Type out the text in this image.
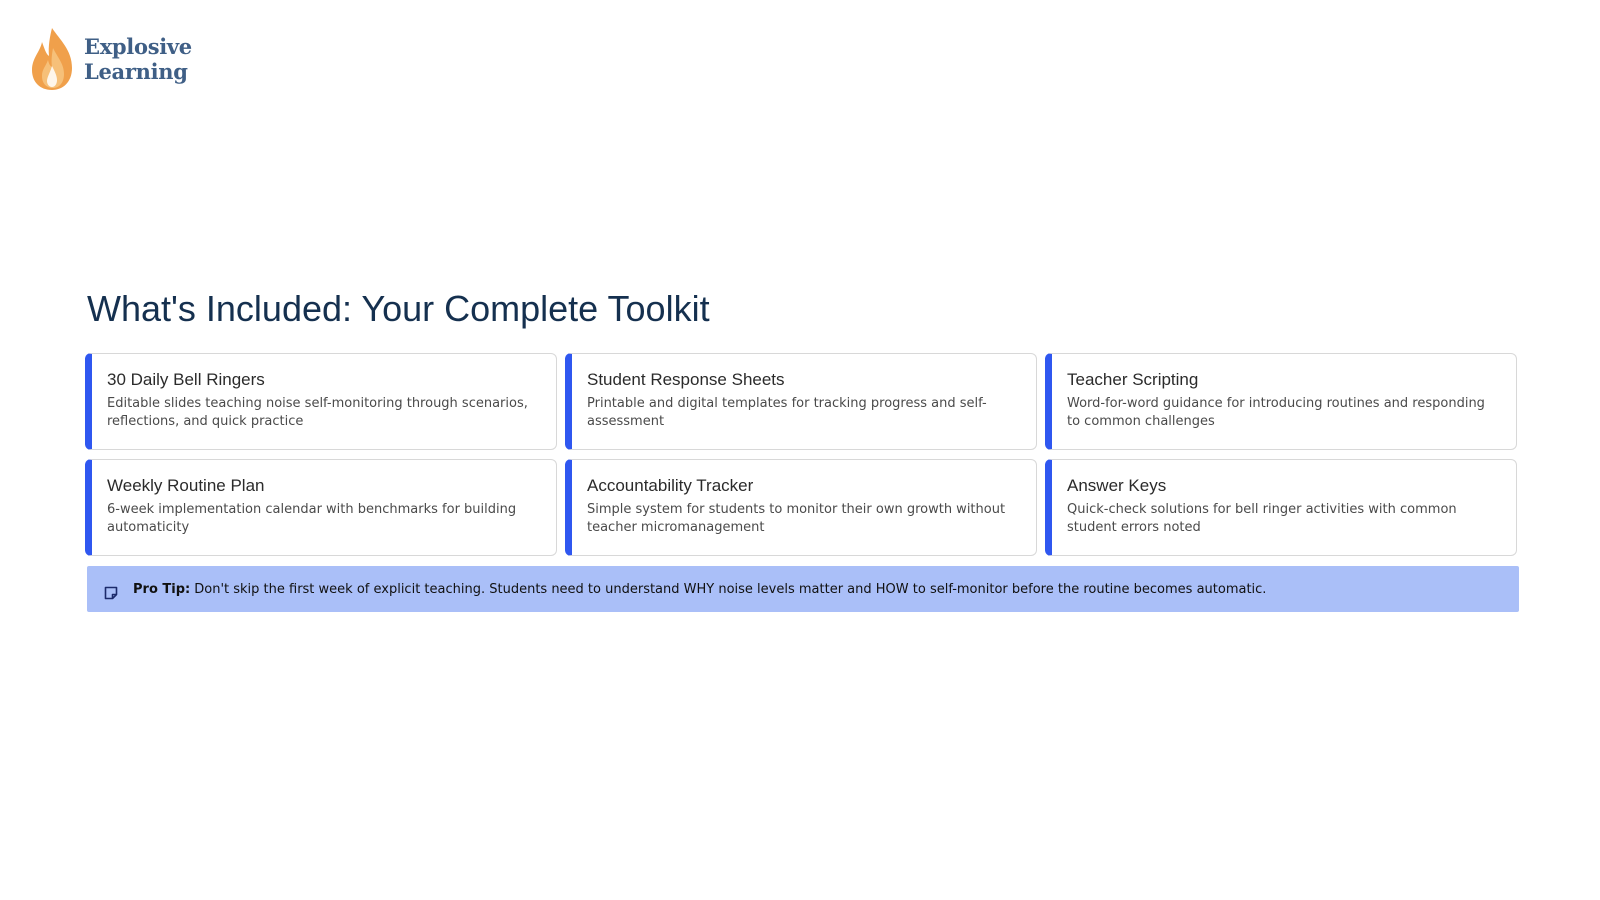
Explosive
Learning
What's Included: Your Complete Toolkit
30 Daily Bell Ringers
Editable slides teaching noise self-monitoring through scenarios, reflections, and quick practice
Student Response Sheets
Printable and digital templates for tracking progress and self-assessment
Teacher Scripting
Word-for-word guidance for introducing routines and responding to common challenges
Weekly Routine Plan
6-week implementation calendar with benchmarks for building automaticity
Accountability Tracker
Simple system for students to monitor their own growth without teacher micromanagement
Answer Keys
Quick-check solutions for bell ringer activities with common student errors noted
Pro Tip: Don't skip the first week of explicit teaching. Students need to understand WHY noise levels matter and HOW to self-monitor before the routine becomes automatic.
